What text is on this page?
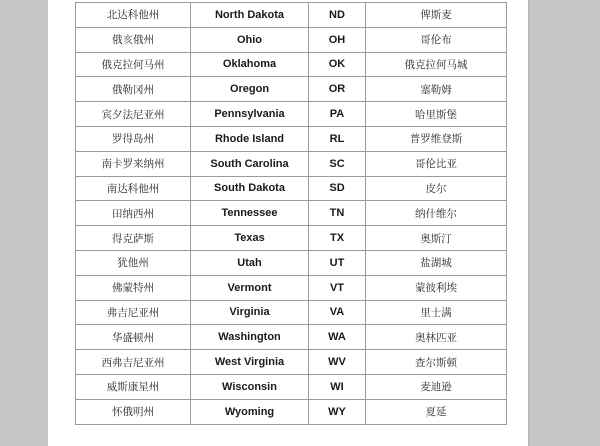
北达科他州	North Dakota	ND	俾斯麦
俄亥俄州	Ohio	OH	哥伦布
俄克拉何马州	Oklahoma	OK	俄克拉何马城
俄勒冈州	Oregon	OR	塞勒姆
宾夕法尼亚州	Pennsylvania	PA	哈里斯堡
罗得岛州	Rhode Island	RL	普罗维登斯
南卡罗来纳州	South Carolina	SC	哥伦比亚
南达科他州	South Dakota	SD	皮尔
田纳西州	Tennessee	TN	纳什维尔
得克萨斯	Texas	TX	奥斯汀
犹他州	Utah	UT	盐湖城
佛蒙特州	Vermont	VT	蒙彼利埃
弗吉尼亚州	Virginia	VA	里士满
华盛顿州	Washington	WA	奥林匹亚
西弗吉尼亚州	West Virginia	WV	查尔斯顿
威斯康星州	Wisconsin	WI	麦迪逊
怀俄明州	Wyoming	WY	夏延
